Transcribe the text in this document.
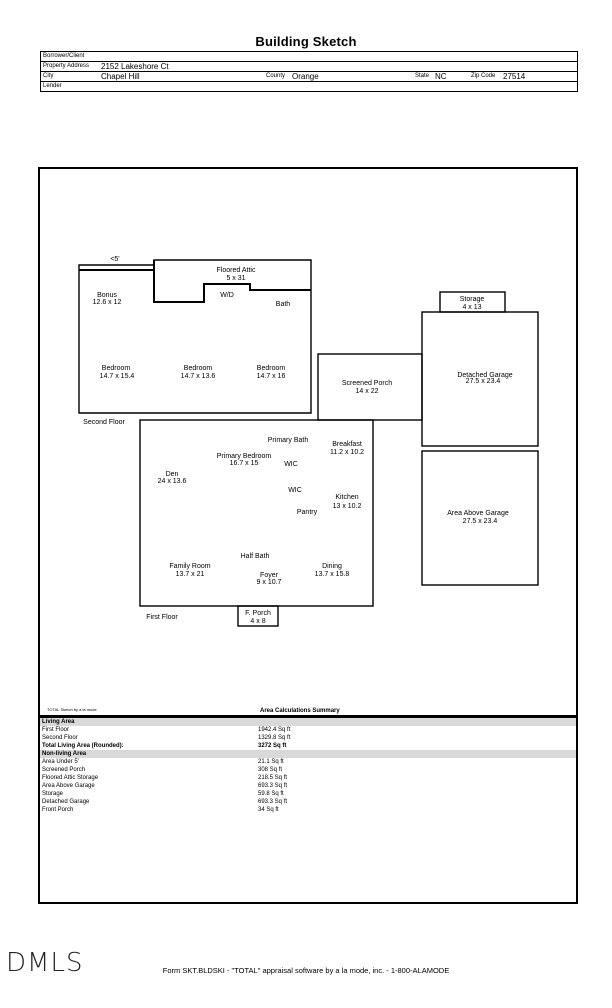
Building Sketch
Borrower/Client
Property Address 2152 Lakeshore Ct
City	Chapel Hill	County Orange	State NC	Zip Code 27514
Lender
<5'
Floored Attic
5 x 31
Bonus
12.6 x 12
W/D
Bath
Bedroom
14.7 x 15.4
Bedroom
14.7 x 13.6
Bedroom
14.7 x 16
Second Floor
Screened Porch
14 x 22
Storage
4 x 13
Detached Garage
27.5 x 23.4
Area Above Garage
27.5 x 23.4
Primary Bath
Breakfast
11.2 x 10.2
Primary Bedroom
16.7 x 15	WIC
Den
24 x 13.6
WIC
Kitchen
13 x 10.2
Pantry
Half Bath
Family Room
13.7 x 21	Foyer
9 x 10.7
Dining
13.7 x 15.8
First Floor
F. Porch
4 x 8
TOTAL Sketch by a la mode	Area Calculations Summary
Living Area
First Floor	1942.4 Sq ft
Second Floor	1329.8 Sq ft
Total Living Area (Rounded):	3272 Sq ft
Non-living Area
Area Under 5'	21.1 Sq ft
Screened Porch	308 Sq ft
Floored Attic Storage	218.5 Sq ft
Area Above Garage	693.3 Sq ft
Storage	59.8 Sq ft
Detached Garage	693.3 Sq ft
Front Porch	34 Sq ft
DMLS	Form SKT.BLDSKI - "TOTAL" appraisal software by a la mode, inc. - 1-800-ALAMODE
